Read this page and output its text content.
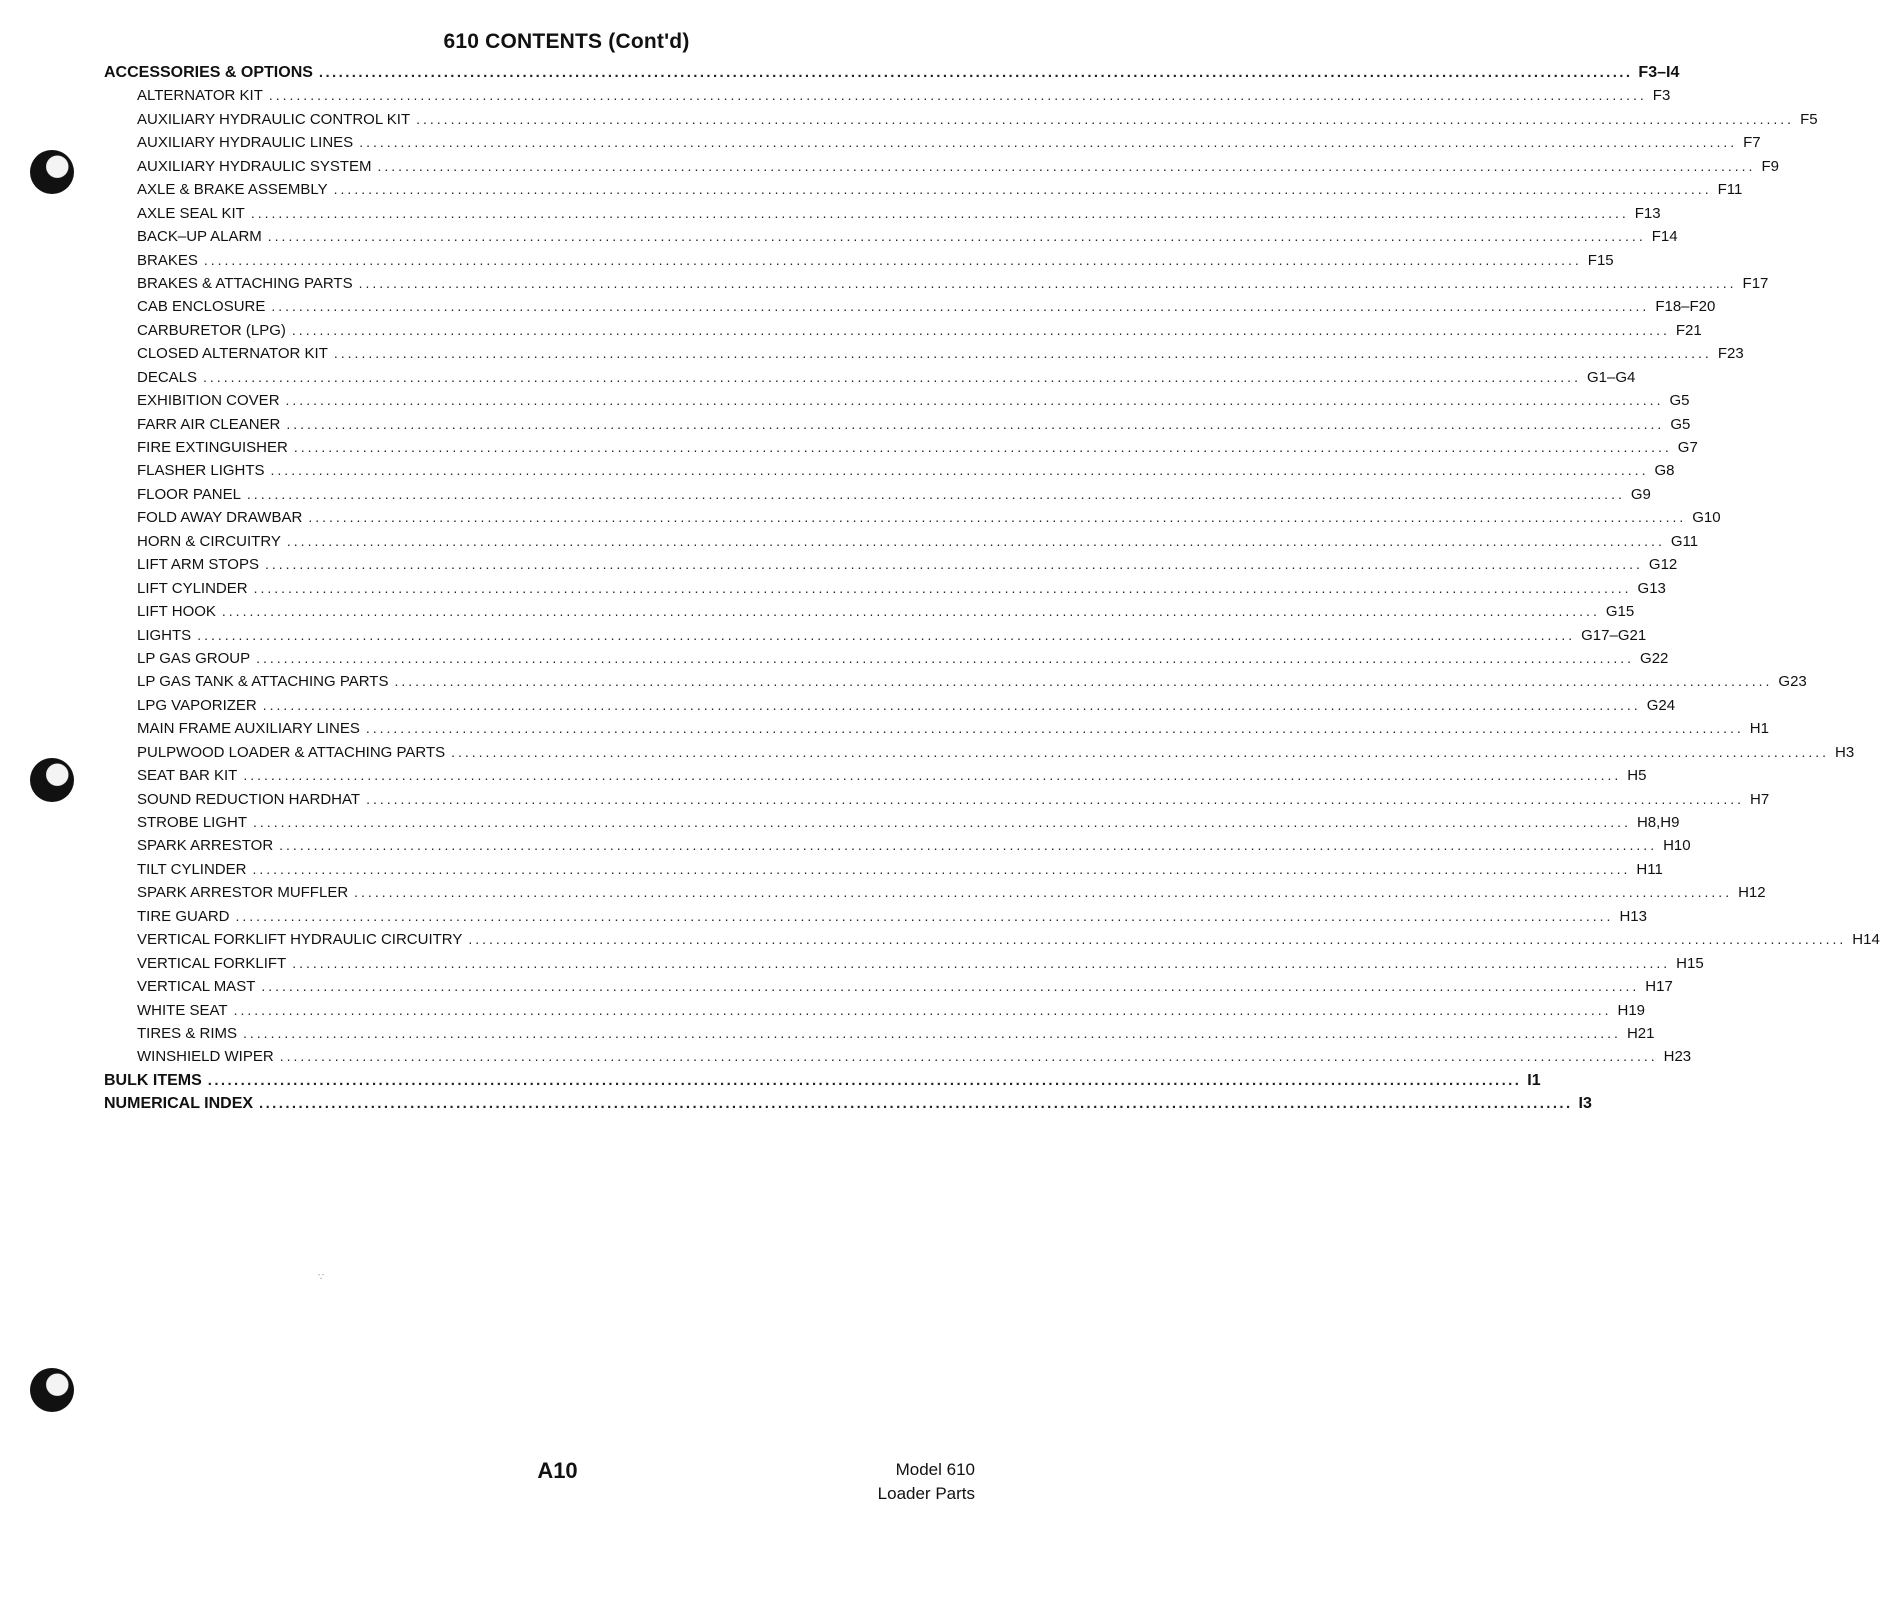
610 CONTENTS (Cont'd)
ACCESSORIES & OPTIONS ........................................................................................................................................................................................................ F3–I4
ALTERNATOR KIT ........................................................................................................................................................................................................ F3
AUXILIARY HYDRAULIC CONTROL KIT ........................................................................................................................................................................................................ F5
AUXILIARY HYDRAULIC LINES ........................................................................................................................................................................................................ F7
AUXILIARY HYDRAULIC SYSTEM ........................................................................................................................................................................................................ F9
AXLE & BRAKE ASSEMBLY ........................................................................................................................................................................................................ F11
AXLE SEAL KIT ........................................................................................................................................................................................................ F13
BACK–UP ALARM ........................................................................................................................................................................................................ F14
BRAKES ........................................................................................................................................................................................................ F15
BRAKES & ATTACHING PARTS ........................................................................................................................................................................................................ F17
CAB ENCLOSURE ........................................................................................................................................................................................................ F18–F20
CARBURETOR (LPG) ........................................................................................................................................................................................................ F21
CLOSED ALTERNATOR KIT ........................................................................................................................................................................................................ F23
DECALS ........................................................................................................................................................................................................ G1–G4
EXHIBITION COVER ........................................................................................................................................................................................................ G5
FARR AIR CLEANER ........................................................................................................................................................................................................ G5
FIRE EXTINGUISHER ........................................................................................................................................................................................................ G7
FLASHER LIGHTS ........................................................................................................................................................................................................ G8
FLOOR PANEL ........................................................................................................................................................................................................ G9
FOLD AWAY DRAWBAR ........................................................................................................................................................................................................ G10
HORN & CIRCUITRY ........................................................................................................................................................................................................ G11
LIFT ARM STOPS ........................................................................................................................................................................................................ G12
LIFT CYLINDER ........................................................................................................................................................................................................ G13
LIFT HOOK ........................................................................................................................................................................................................ G15
LIGHTS ........................................................................................................................................................................................................ G17–G21
LP GAS GROUP ........................................................................................................................................................................................................ G22
LP GAS TANK & ATTACHING PARTS ........................................................................................................................................................................................................ G23
LPG VAPORIZER ........................................................................................................................................................................................................ G24
MAIN FRAME AUXILIARY LINES ........................................................................................................................................................................................................ H1
PULPWOOD LOADER & ATTACHING PARTS ........................................................................................................................................................................................................ H3
SEAT BAR KIT ........................................................................................................................................................................................................ H5
SOUND REDUCTION HARDHAT ........................................................................................................................................................................................................ H7
STROBE LIGHT ........................................................................................................................................................................................................ H8,H9
SPARK ARRESTOR ........................................................................................................................................................................................................ H10
TILT CYLINDER ........................................................................................................................................................................................................ H11
SPARK ARRESTOR MUFFLER ........................................................................................................................................................................................................ H12
TIRE GUARD ........................................................................................................................................................................................................ H13
VERTICAL FORKLIFT HYDRAULIC CIRCUITRY ........................................................................................................................................................................................................ H14
VERTICAL FORKLIFT ........................................................................................................................................................................................................ H15
VERTICAL MAST ........................................................................................................................................................................................................ H17
WHITE SEAT ........................................................................................................................................................................................................ H19
TIRES & RIMS ........................................................................................................................................................................................................ H21
WINSHIELD WIPER ........................................................................................................................................................................................................ H23
BULK ITEMS ........................................................................................................................................................................................................ I1
NUMERICAL INDEX ........................................................................................................................................................................................................ I3
∵
A10	Model 610
Loader Parts
